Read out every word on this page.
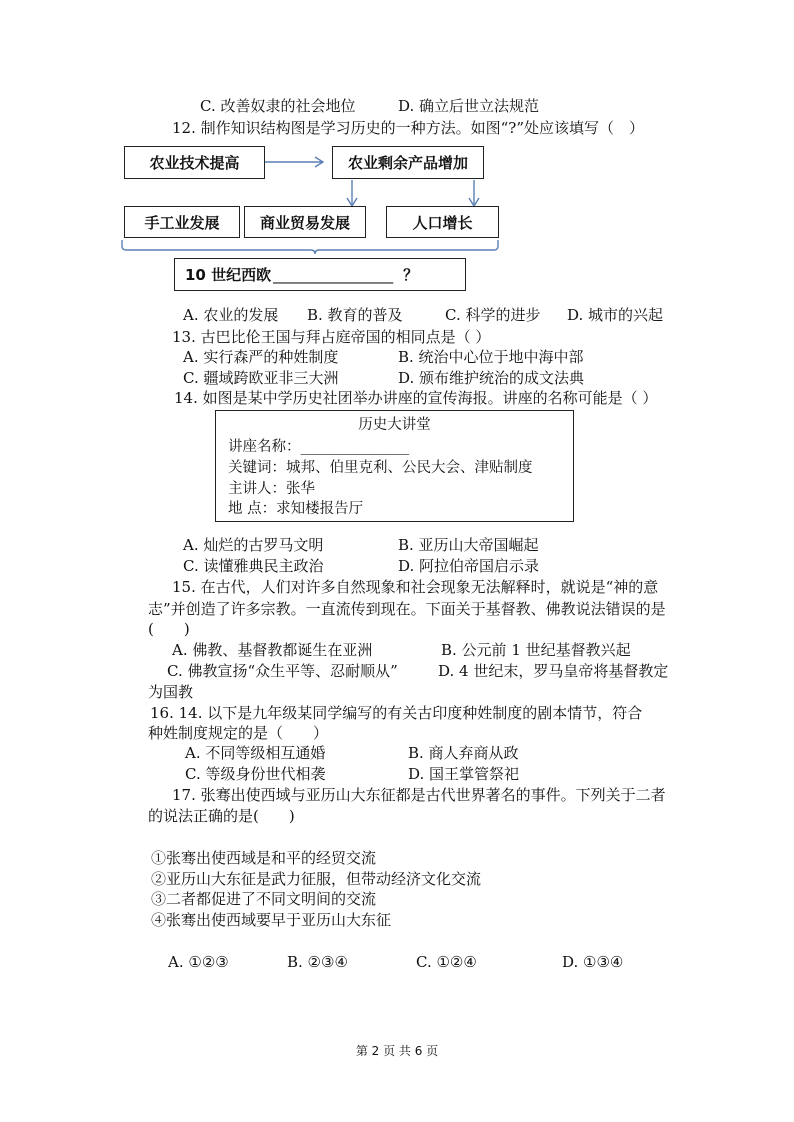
C. 改善奴隶的社会地位	D. 确立后世立法规范
12. 制作知识结构图是学习历史的一种方法。如图“?”处应该填写（　）
农业技术提高	农业剩余产品增加
手工业发展	商业贸易发展	人口增长
10 世纪西欧 ________________ ？
A. 农业的发展 B. 教育的普及	C. 科学的进步 D. 城市的兴起
13. 古巴比伦王国与拜占庭帝国的相同点是（ ）
A. 实行森严的种姓制度	B. 统治中心位于地中海中部
C. 疆域跨欧亚非三大洲	D. 颁布维护统治的成文法典
14. 如图是某中学历史社团举办讲座的宣传海报。讲座的名称可能是（ ）
历史大讲堂
讲座名称：_______________
关键词：城邦、伯里克利、公民大会、津贴制度
主讲人：张华
地 点：求知楼报告厅
A. 灿烂的古罗马文明	B. 亚历山大帝国崛起
C. 读懂雅典民主政治	D. 阿拉伯帝国启示录
15. 在古代，人们对许多自然现象和社会现象无法解释时，就说是“神的意
志”并创造了许多宗教。一直流传到现在。下面关于基督教、佛教说法错误的是
(　　)
A. 佛教、基督教都诞生在亚洲	B. 公元前 1 世纪基督教兴起
C. 佛教宣扬“众生平等、忍耐顺从”	D. 4 世纪末，罗马皇帝将基督教定
为国教
16. 14. 以下是九年级某同学编写的有关古印度种姓制度的剧本情节，符合
种姓制度规定的是（　　）
A. 不同等级相互通婚	B. 商人弃商从政
C. 等级身份世代相袭	D. 国王掌管祭祀
17. 张骞出使西域与亚历山大东征都是古代世界著名的事件。下列关于二者
的说法正确的是(　　)
①张骞出使西域是和平的经贸交流
②亚历山大东征是武力征服，但带动经济文化交流
③二者都促进了不同文明间的交流
④张骞出使西域要早于亚历山大东征
A. ①②③	B. ②③④	C. ①②④	D. ①③④
第 2 页 共 6 页
